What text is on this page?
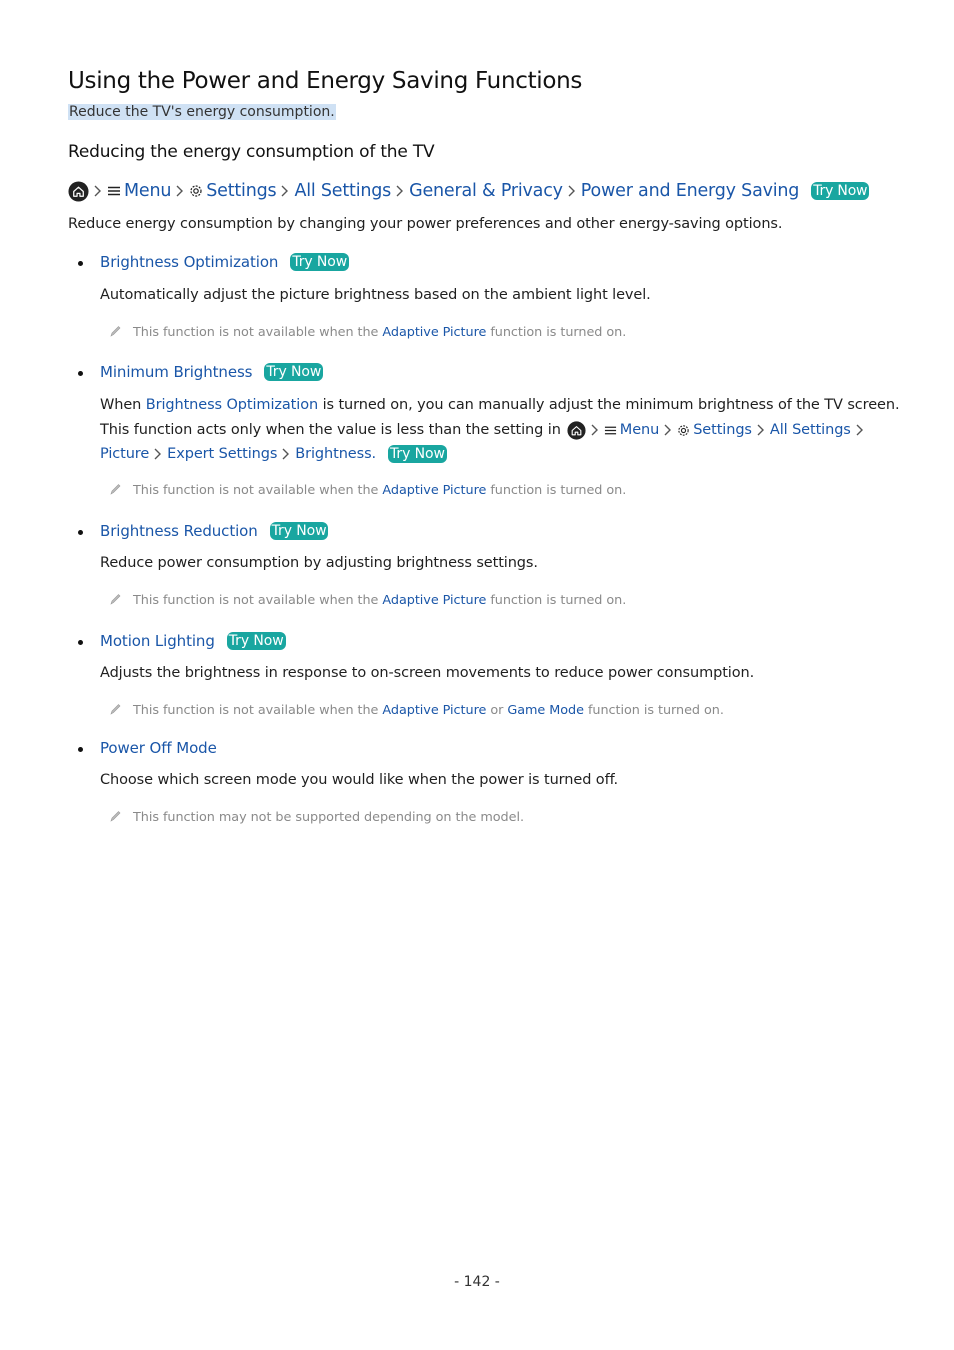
Using the Power and Energy Saving Functions
Reduce the TV's energy consumption.
Reducing the energy consumption of the TV
Menu Settings All Settings General & Privacy Power and Energy Saving Try Now
Reduce energy consumption by changing your power preferences and other energy-saving options.
Brightness Optimization Try Now
Automatically adjust the picture brightness based on the ambient light level.
This function is not available when the Adaptive Picture function is turned on.
Minimum Brightness Try Now
When Brightness Optimization is turned on, you can manually adjust the minimum brightness of the TV screen.
This function acts only when the value is less than the setting in	Menu Settings All Settings
Picture Expert Settings Brightness. Try Now
This function is not available when the Adaptive Picture function is turned on.
Brightness Reduction Try Now
Reduce power consumption by adjusting brightness settings.
This function is not available when the Adaptive Picture function is turned on.
Motion Lighting Try Now
Adjusts the brightness in response to on-screen movements to reduce power consumption.
This function is not available when the Adaptive Picture or Game Mode function is turned on.
Power Off Mode
Choose which screen mode you would like when the power is turned off.
This function may not be supported depending on the model.
- 142 -
